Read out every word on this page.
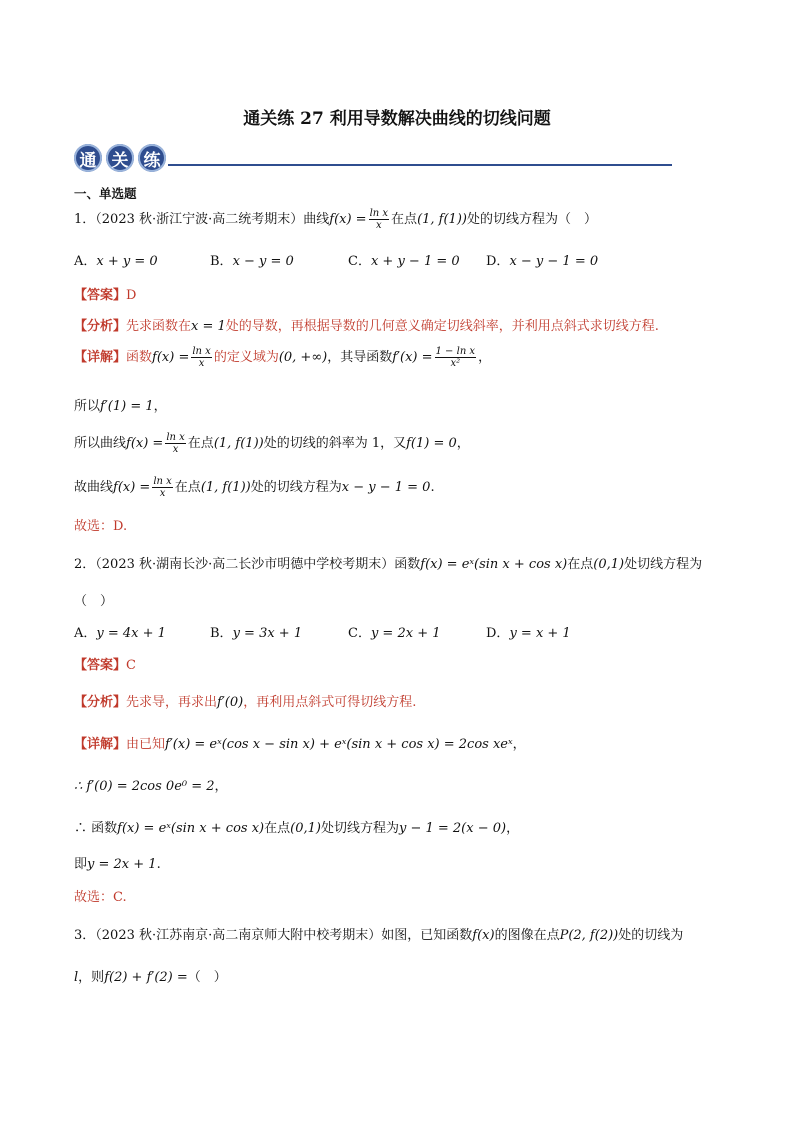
通关练 27 利用导数解决曲线的切线问题
通 关 练
一、单选题
1．（2023 秋·浙江宁波·高二统考期末）曲线$f(x) = \frac{\text{ln x}}{x}$ 在点(1, f(1))处的切线方程为（　）
A．x + y = 0	B．x − y = 0	C．x + y − 1 = 0 D．x − y − 1 = 0
【答案】D
【分析】先求函数在x = 1处的导数，再根据导数的几何意义确定切线斜率，并利用点斜式求切线方程.
【详解】函数$f(x) = \frac{\text{ln x}}{x}$ 的定义域为(0, +∞)，其导函数$f'(x) = \frac{\text{1 − ln x}}{\text{x²}}$ ，
所以f′(1) = 1，
所以曲线$f(x) = \frac{\text{ln x}}{x}$ 在点(1, f(1))处的切线的斜率为 1，又f(1) = 0，
故曲线$f(x) = \frac{\text{ln x}}{x}$ 在点(1, f(1))处的切线方程为x − y − 1 = 0.
故选：D.
2．（2023 秋·湖南长沙·高二长沙市明德中学校考期末）函数f(x) = eˣ(sin x + cos x)在点(0,1)处切线方程为
（　）
A．y = 4x + 1	B．y = 3x + 1	C．y = 2x + 1	D．y = x + 1
【答案】C
【分析】先求导，再求出f′(0)，再利用点斜式可得切线方程.
【详解】由已知f′(x) = eˣ(cos x − sin x) + eˣ(sin x + cos x) = 2cos xeˣ，
∴ f′(0) = 2cos 0e⁰ = 2，
∴ 函数f(x) = eˣ(sin x + cos x)在点(0,1)处切线方程为y − 1 = 2(x − 0)，
即y = 2x + 1.
故选：C.
3．（2023 秋·江苏南京·高二南京师大附中校考期末）如图，已知函数f(x)的图像在点P(2, f(2))处的切线为
l，则f(2) + f′(2) =（　）
